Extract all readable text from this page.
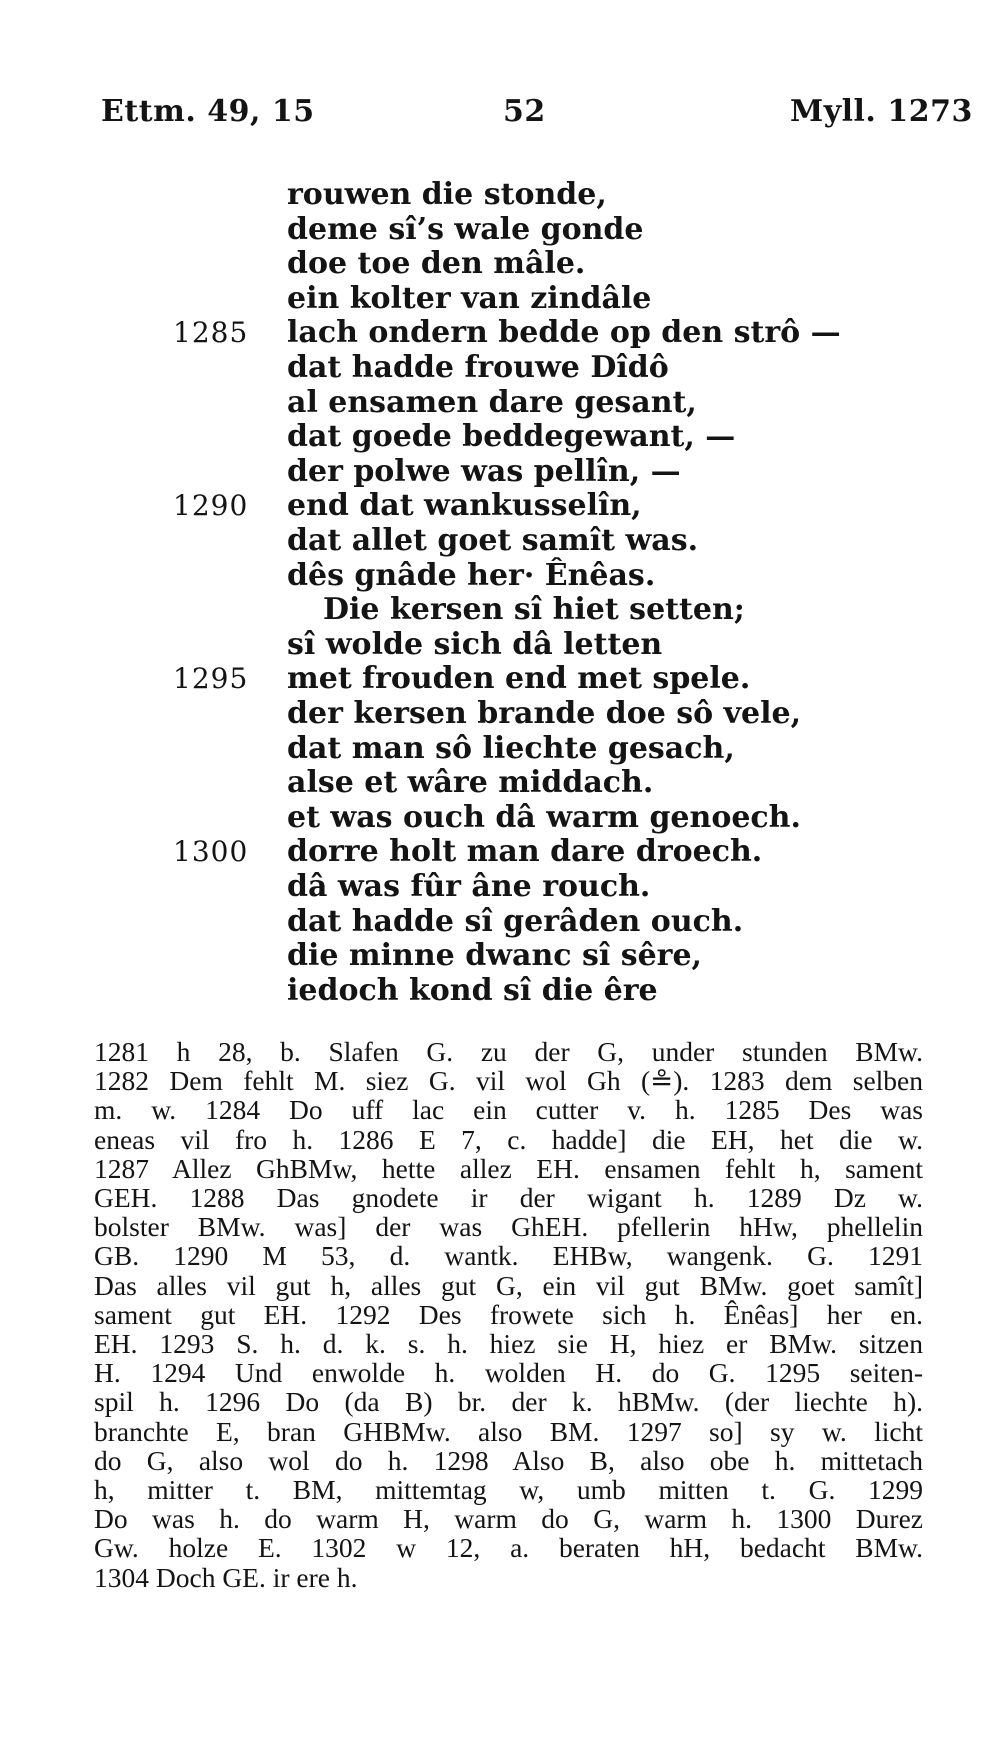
Ettm. 49, 15	52	Myll. 1273
rouwen die stonde,
deme sî’s wale gonde
doe toe den mâle.
ein kolter van zindâle
lach ondern bedde op den strô —
1285
dat hadde frouwe Dîdô
al ensamen dare gesant,
dat goede beddegewant, —
der polwe was pellîn, —
end dat wankusselîn,
1290
dat allet goet samît was.
dês gnâde her· Ênêas.
Die kersen sî hiet setten;
sî wolde sich dâ letten
met frouden end met spele.
1295
der kersen brande doe sô vele,
dat man sô liechte gesach,
alse et wâre middach.
et was ouch dâ warm genoech.
dorre holt man dare droech.
1300
dâ was fûr âne rouch.
dat hadde sî gerâden ouch.
die minne dwanc sî sêre,
iedoch kond sî die êre

1281 h 28, b. Slafen G. zu der G, under stunden BMw.

1282 Dem fehlt M. siez G. vil wol Gh (≗). 1283 dem selben

m. w. 1284 Do uff lac ein cutter v. h. 1285 Des was

eneas vil fro h. 1286 E 7, c. hadde] die EH, het die w.

1287 Allez GhBMw, hette allez EH. ensamen fehlt h, sament

GEH. 1288 Das gnodete ir der wigant h. 1289 Dz w.

bolster BMw. was] der was GhEH. pfellerin hHw, phellelin

GB. 1290 M 53, d. wantk. EHBw, wangenk. G. 1291

Das alles vil gut h, alles gut G, ein vil gut BMw. goet samît]

sament gut EH. 1292 Des frowete sich h. Ênêas] her en.

EH. 1293 S. h. d. k. s. h. hiez sie H, hiez er BMw. sitzen

H. 1294 Und enwolde h. wolden H. do G. 1295 seiten-

spil h. 1296 Do (da B) br. der k. hBMw. (der liechte h).

branchte E, bran GHBMw. also BM. 1297 so] sy w. licht

do G, also wol do h. 1298 Also B, also obe h. mittetach

h, mitter t. BM, mittemtag w, umb mitten t. G. 1299

Do was h. do warm H, warm do G, warm h. 1300 Durez

Gw. holze E. 1302 w 12, a. beraten hH, bedacht BMw.

1304 Doch GE. ir ere h.
